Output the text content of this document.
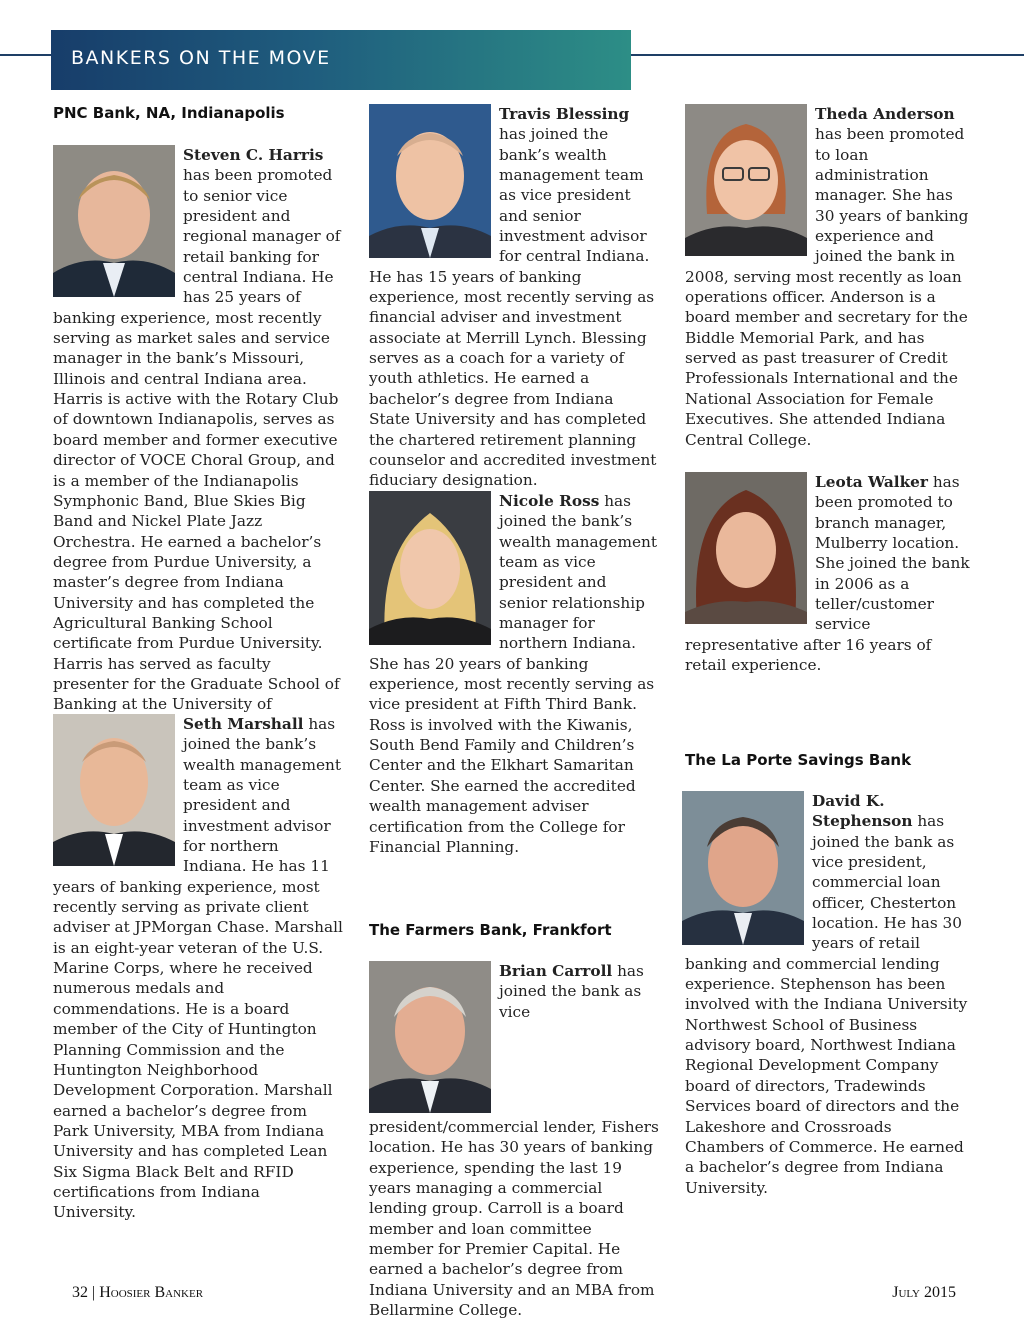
BANKERS ON THE MOVE
PNC Bank, NA, Indianapolis

Steven C. Harris has been promoted to senior vice president and regional manager of retail banking for central Indiana. He has 25 years of banking experience, most recently serving as market sales and service manager in the bank’s Missouri, Illinois and central Indiana area. Harris is active with the Rotary Club of downtown Indianapolis, serves as board member and former executive director of VOCE Choral Group, and is a member of the Indianapolis Symphonic Band, Blue Skies Big Band and Nickel Plate Jazz Orchestra. He earned a bachelor’s degree from Purdue University, a master’s degree from Indiana University and has completed the Agricultural Banking School certificate from Purdue University. Harris has served as faculty presenter for the Graduate School of Banking at the University of

Seth Marshall has joined the bank’s wealth management team as vice president and investment advisor for northern Indiana. He has 11 years of banking experience, most recently serving as private client adviser at JPMorgan Chase. Marshall is an eight-year veteran of the U.S. Marine Corps, where he received numerous medals and commendations. He is a board member of the City of Huntington Planning Commission and the Huntington Neighborhood Development Corporation. Marshall earned a bachelor’s degree from Park University, MBA from Indiana University and has completed Lean Six Sigma Black Belt and RFID certifications from Indiana University.

Travis Blessing has joined the bank’s wealth management team as vice president and senior investment advisor for central Indiana. He has 15 years of banking experience, most recently serving as financial adviser and investment associate at Merrill Lynch. Blessing serves as a coach for a variety of youth athletics. He earned a bachelor’s degree from Indiana State University and has completed the chartered retirement planning counselor and accredited investment fiduciary designation.

Nicole Ross has joined the bank’s wealth management team as vice president and senior relationship manager for northern Indiana. She has 20 years of banking experience, most recently serving as vice president at Fifth Third Bank. Ross is involved with the Kiwanis, South Bend Family and Children’s Center and the Elkhart Samaritan Center. She earned the accredited wealth management adviser certification from the College for Financial Planning.

The Farmers Bank, Frankfort

Brian Carroll has joined the bank as vice president/commercial lender, Fishers location. He has 30 years of banking experience, spending the last 19 years managing a commercial lending group. Carroll is a board member and loan committee member for Premier Capital. He earned a bachelor’s degree from Indiana University and an MBA from Bellarmine College.

Theda Anderson has been promoted to loan administration manager. She has 30 years of banking experience and joined the bank in 2008, serving most recently as loan operations officer. Anderson is a board member and secretary for the Biddle Memorial Park, and has served as past treasurer of Credit Professionals International and the National Association for Female Executives. She attended Indiana Central College.

Leota Walker has been promoted to branch manager, Mulberry location. She joined the bank in 2006 as a teller/customer service representative after 16 years of retail experience.

The La Porte Savings Bank

David K. Stephenson has joined the bank as vice president, commercial loan officer, Chesterton location. He has 30 years of retail banking and commercial lending experience. Stephenson has been involved with the Indiana University Northwest School of Business advisory board, Northwest Indiana Regional Development Company board of directors, Tradewinds Services board of directors and the Lakeshore and Crossroads Chambers of Commerce. He earned a bachelor’s degree from Indiana University.

32 | Hoosier Banker	July 2015
